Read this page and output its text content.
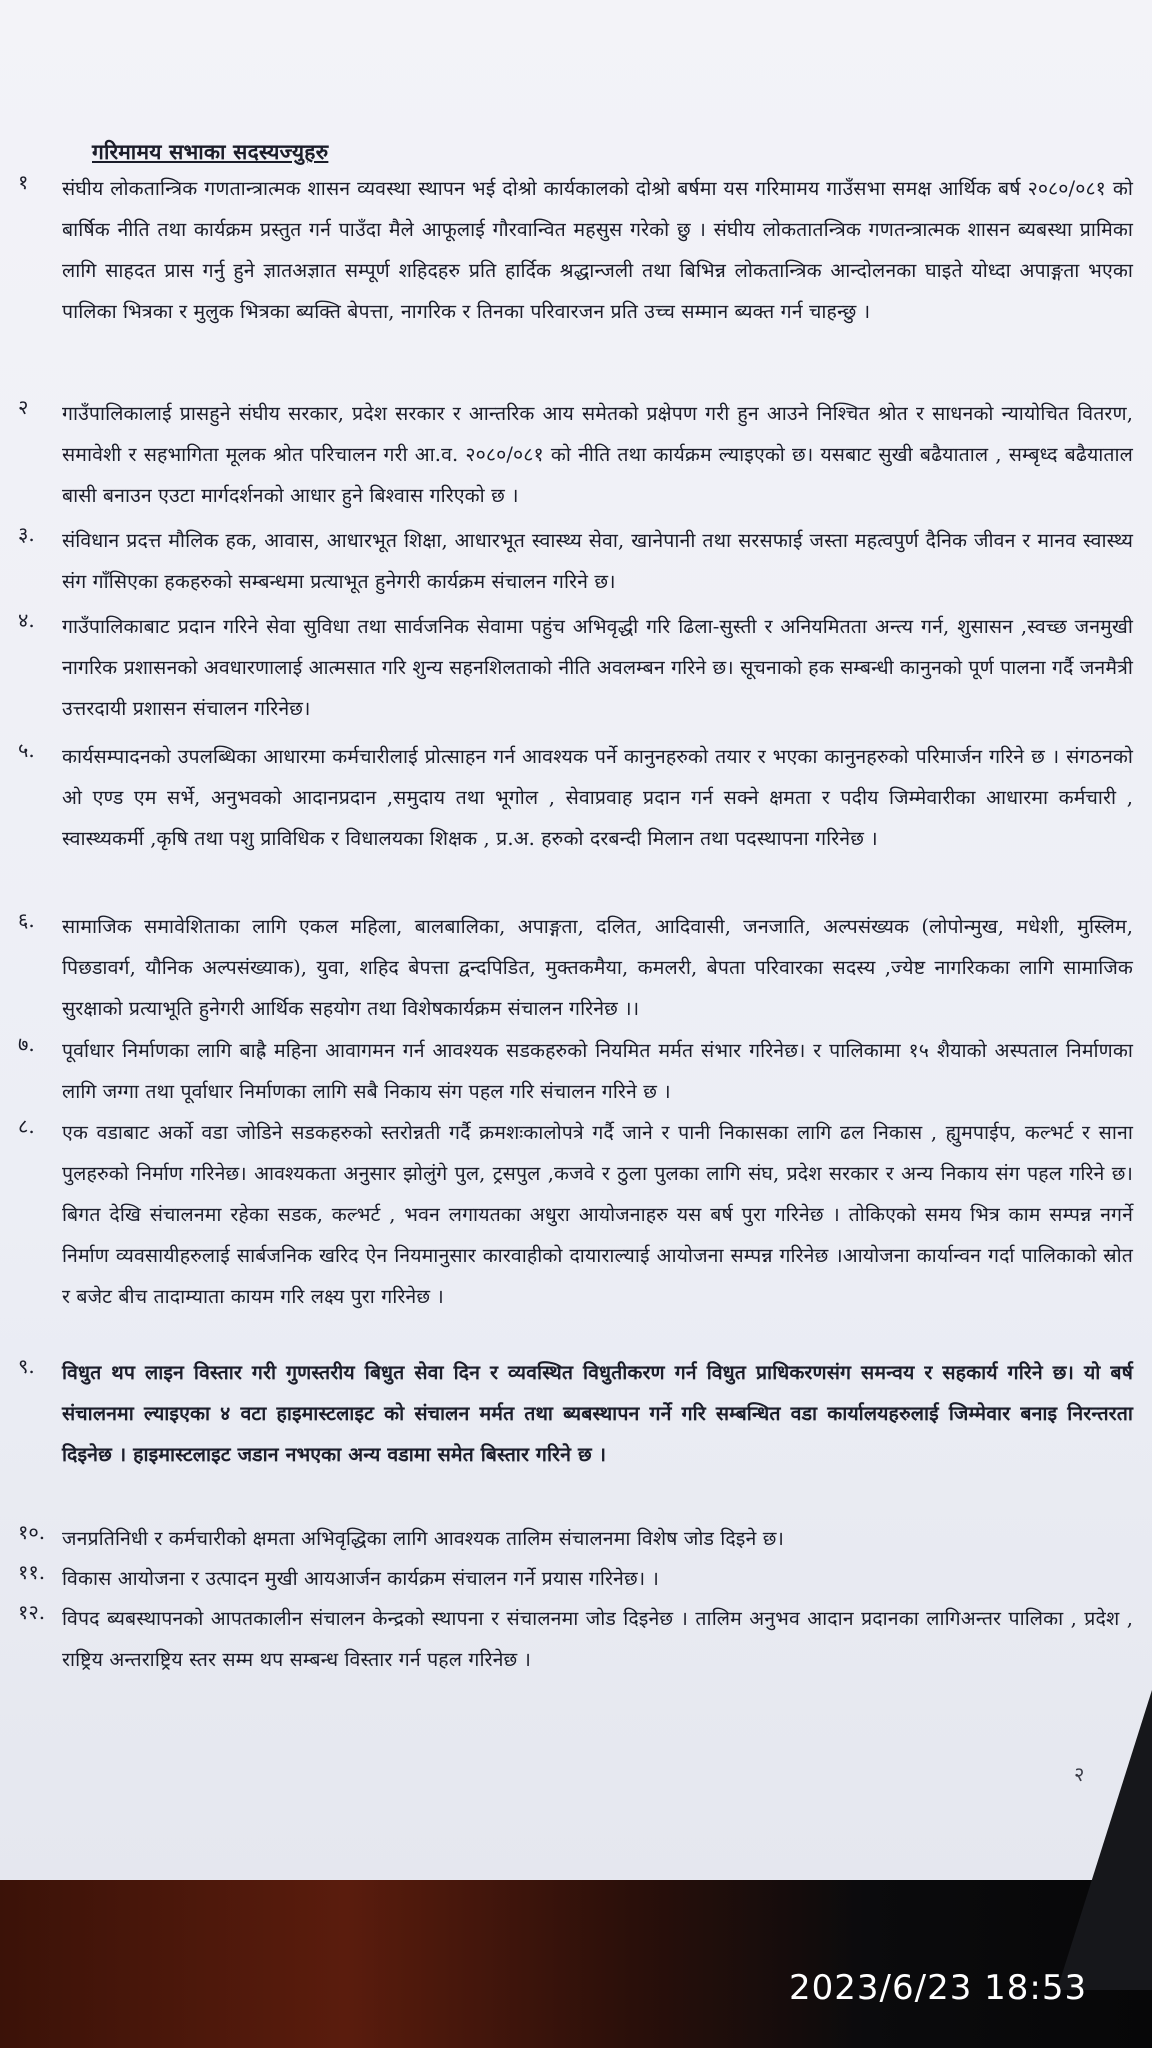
गरिमामय सभाका सदस्यज्युहरु
१	संघीय लोकतान्त्रिक गणतान्त्रात्मक शासन व्यवस्था स्थापन भई दोश्रो कार्यकालको दोश्रो बर्षमा यस गरिमामय गाउँसभा समक्ष आर्थिक बर्ष २०८०/०८१ को बार्षिक नीति तथा कार्यक्रम प्रस्तुत गर्न पाउँदा मैले आफूलाई गौरवान्वित महसुस गरेको छु । संघीय लोकतातन्त्रिक गणतन्त्रात्मक शासन ब्यबस्था प्रामिका लागि साहदत प्रास गर्नु हुने ज्ञातअज्ञात सम्पूर्ण शहिदहरु प्रति हार्दिक श्रद्धान्जली तथा बिभिन्न लोकतान्त्रिक आन्दोलनका घाइते योध्दा अपाङ्गता भएका पालिका भित्रका र मुलुक भित्रका ब्यक्ति बेपत्ता, नागरिक र तिनका परिवारजन प्रति उच्च सम्मान ब्यक्त गर्न चाहन्छु ।
२	गाउँपालिकालाई प्रासहुने संघीय सरकार, प्रदेश सरकार र आन्तरिक आय समेतको प्रक्षेपण गरी हुन आउने निश्चित श्रोत र साधनको न्यायोचित वितरण, समावेशी र सहभागिता मूलक श्रोत परिचालन गरी आ.व. २०८०/०८१ को नीति तथा कार्यक्रम ल्याइएको छ। यसबाट सुखी बढैयाताल , सम्बृध्द बढैयाताल बासी बनाउन एउटा मार्गदर्शनको आधार हुने बिश्वास गरिएको छ ।
३.	संविधान प्रदत्त मौलिक हक, आवास, आधारभूत शिक्षा, आधारभूत स्वास्थ्य सेवा, खानेपानी तथा सरसफाई जस्ता महत्वपुर्ण दैनिक जीवन र मानव स्वास्थ्य संग गाँसिएका हकहरुको सम्बन्धमा प्रत्याभूत हुनेगरी कार्यक्रम संचालन गरिने छ।
४.	गाउँपालिकाबाट प्रदान गरिने सेवा सुविधा तथा सार्वजनिक सेवामा पहुंच अभिवृद्धी गरि ढिला-सुस्ती र अनियमितता अन्त्य गर्न, शुसासन ,स्वच्छ जनमुखी नागरिक प्रशासनको अवधारणालाई आत्मसात गरि शुन्य सहनशिलताको नीति अवलम्बन गरिने छ। सूचनाको हक सम्बन्धी कानुनको पूर्ण पालना गर्दै जनमैत्री उत्तरदायी प्रशासन संचालन गरिनेछ।
५.	कार्यसम्पादनको उपलब्धिका आधारमा कर्मचारीलाई प्रोत्साहन गर्न आवश्यक पर्ने कानुनहरुको तयार र भएका कानुनहरुको परिमार्जन गरिने छ । संगठनको ओ एण्ड एम सर्भे, अनुभवको आदानप्रदान ,समुदाय तथा भूगोल , सेवाप्रवाह प्रदान गर्न सक्ने क्षमता र पदीय जिम्मेवारीका आधारमा कर्मचारी , स्वास्थ्यकर्मी ,कृषि तथा पशु प्राविधिक र विधालयका शिक्षक , प्र.अ. हरुको दरबन्दी मिलान तथा पदस्थापना गरिनेछ ।
६.	सामाजिक समावेशिताका लागि एकल महिला, बालबालिका, अपाङ्गता, दलित, आदिवासी, जनजाति, अल्पसंख्यक (लोपोन्मुख, मधेशी, मुस्लिम, पिछडावर्ग, यौनिक अल्पसंख्याक), युवा, शहिद बेपत्ता द्वन्दपिडित, मुक्तकमैया, कमलरी, बेपता परिवारका सदस्य ,ज्येष्ट नागरिकका लागि सामाजिक सुरक्षाको प्रत्याभूति हुनेगरी आर्थिक सहयोग तथा विशेषकार्यक्रम संचालन गरिनेछ ।।
७.	पूर्वाधार निर्माणका लागि बाह्रै महिना आवागमन गर्न आवश्यक सडकहरुको नियमित मर्मत संभार गरिनेछ। र पालिकामा १५ शैयाको अस्पताल निर्माणका लागि जग्गा तथा पूर्वाधार निर्माणका लागि सबै निकाय संग पहल गरि संचालन गरिने छ ।
८.	एक वडाबाट अर्को वडा जोडिने सडकहरुको स्तरोन्नती गर्दै क्रमशःकालोपत्रे गर्दै जाने र पानी निकासका लागि ढल निकास , ह्युमपाईप, कल्भर्ट र साना पुलहरुको निर्माण गरिनेछ। आवश्यकता अनुसार झोलुंगे पुल, ट्रसपुल ,कजवे र ठुला पुलका लागि संघ, प्रदेश सरकार र अन्य निकाय संग पहल गरिने छ। बिगत देखि संचालनमा रहेका सडक, कल्भर्ट , भवन लगायतका अधुरा आयोजनाहरु यस बर्ष पुरा गरिनेछ । तोकिएको समय भित्र काम सम्पन्न नगर्ने निर्माण व्यवसायीहरुलाई सार्बजनिक खरिद ऐन नियमानुसार कारवाहीको दायाराल्याई आयोजना सम्पन्न गरिनेछ ।आयोजना कार्यान्वन गर्दा पालिकाको स्रोत र बजेट बीच तादाम्याता कायम गरि लक्ष्य पुरा गरिनेछ ।
९.	विधुत थप लाइन विस्तार गरी गुणस्तरीय बिधुत सेवा दिन र व्यवस्थित विधुतीकरण गर्न विधुत प्राधिकरणसंग समन्वय र सहकार्य गरिने छ। यो बर्ष संचालनमा ल्याइएका ४ वटा हाइमास्टलाइट को संचालन मर्मत तथा ब्यबस्थापन गर्ने गरि सम्बन्धित वडा कार्यालयहरुलाई जिम्मेवार बनाइ निरन्तरता दिइनेछ । हाइमास्टलाइट जडान नभएका अन्य वडामा समेत बिस्तार गरिने छ ।
१०. जनप्रतिनिधी र कर्मचारीको क्षमता अभिवृद्धिका लागि आवश्यक तालिम संचालनमा विशेष जोड दिइने छ।
११. विकास आयोजना र उत्पादन मुखी आयआर्जन कार्यक्रम संचालन गर्ने प्रयास गरिनेछ। ।
१२. विपद ब्यबस्थापनको आपतकालीन संचालन केन्द्रको स्थापना र संचालनमा जोड दिइनेछ । तालिम अनुभव आदान प्रदानका लागिअन्तर पालिका , प्रदेश , राष्ट्रिय अन्तराष्ट्रिय स्तर सम्म थप सम्बन्ध विस्तार गर्न पहल गरिनेछ ।
२
2023/6/23 18:53
